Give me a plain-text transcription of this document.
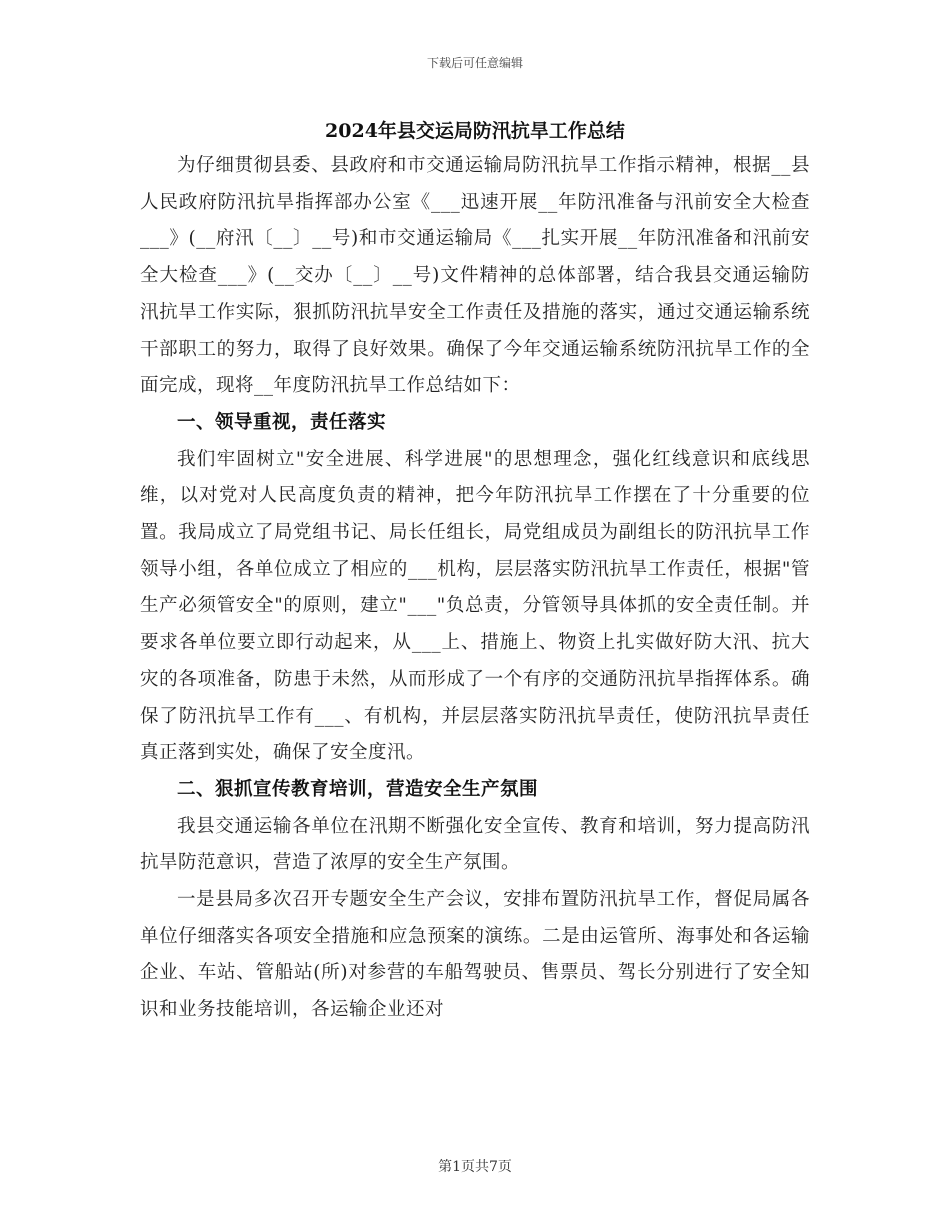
下载后可任意编辑
2024年县交运局防汛抗旱工作总结

为仔细贯彻县委、县政府和市交通运输局防汛抗旱工作指示精神，根据__县人民政府防汛抗旱指挥部办公室《___迅速开展__年防汛准备与汛前安全大检查___》(__府汛〔__〕__号)和市交通运输局《___扎实开展__年防汛准备和汛前安全大检查___》(__交办〔__〕__号)文件精神的总体部署，结合我县交通运输防汛抗旱工作实际，狠抓防汛抗旱安全工作责任及措施的落实，通过交通运输系统干部职工的努力，取得了良好效果。确保了今年交通运输系统防汛抗旱工作的全面完成，现将__年度防汛抗旱工作总结如下：

一、领导重视，责任落实

我们牢固树立"安全进展、科学进展"的思想理念，强化红线意识和底线思维，以对党对人民高度负责的精神，把今年防汛抗旱工作摆在了十分重要的位置。我局成立了局党组书记、局长任组长，局党组成员为副组长的防汛抗旱工作领导小组，各单位成立了相应的___机构，层层落实防汛抗旱工作责任，根据"管生产必须管安全"的原则，建立"___"负总责，分管领导具体抓的安全责任制。并要求各单位要立即行动起来，从___上、措施上、物资上扎实做好防大汛、抗大灾的各项准备，防患于未然，从而形成了一个有序的交通防汛抗旱指挥体系。确保了防汛抗旱工作有___、有机构，并层层落实防汛抗旱责任，使防汛抗旱责任真正落到实处，确保了安全度汛。

二、狠抓宣传教育培训，营造安全生产氛围

我县交通运输各单位在汛期不断强化安全宣传、教育和培训，努力提高防汛抗旱防范意识，营造了浓厚的安全生产氛围。

一是县局多次召开专题安全生产会议，安排布置防汛抗旱工作，督促局属各单位仔细落实各项安全措施和应急预案的演练。二是由运管所、海事处和各运输企业、车站、管船站(所)对参营的车船驾驶员、售票员、驾长分别进行了安全知识和业务技能培训，各运输企业还对

第1页共7页
